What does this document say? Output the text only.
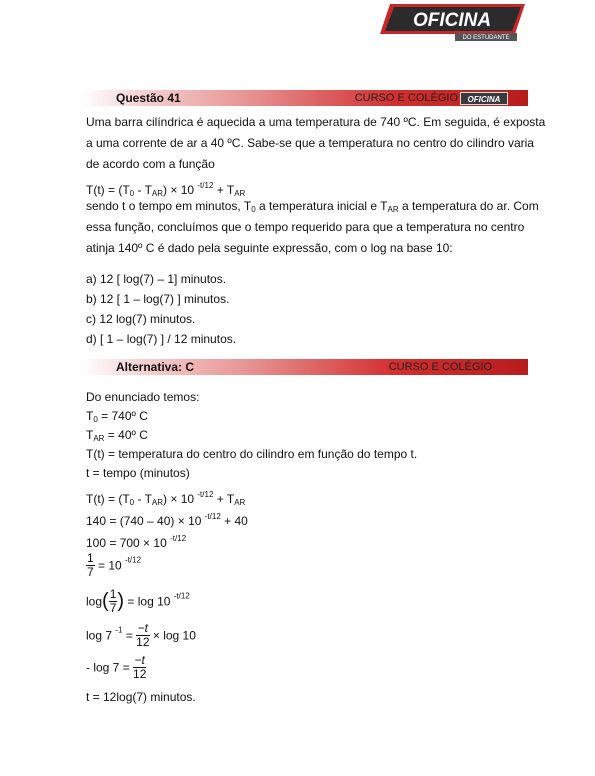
OFICINA
DO ESTUDANTE
Questão 41	CURSO E COLÉGIO OFICINA
Uma barra cilíndrica é aquecida a uma temperatura de 740 ºC. Em seguida, é exposta
a uma corrente de ar a 40 ºC. Sabe-se que a temperatura no centro do cilindro varia
de acordo com a função
$T(t) = (T_0 - T_{AR}) \times 10$ $^{-t/12} + T_{AR}$
sendo t o tempo em minutos, $T_0$ a temperatura inicial e $T_{AR}$ a temperatura do ar. Com
essa função, concluímos que o tempo requerido para que a temperatura no centro
atinja 140º C é dado pela seguinte expressão, com o log na base 10:
a) 12 [ log(7) – 1] minutos.
b) 12 [ 1 – log(7) ] minutos.
c) 12 log(7) minutos.
d) [ 1 – log(7) ] / 12 minutos.
Alternativa: C	CURSO E COLÉGIO
Do enunciado temos:
$T_0$ = 740º C
$T_{AR}$ = 40º C
T(t) = temperatura do centro do cilindro em função do tempo t.
t = tempo (minutos)
$T(t) = (T_0 - T_{AR}) \times 10$ $^{-t/12} + T_{AR}$
140 = (740 – 40) × 10 $^{-t/12}$ + 40
100 = 700 × 10 $^{-t/12}$
$\frac{1}{7} = 10$ $^{-t/12}$
$\log( \frac{1}{7}$ ) = log 10 $^{-t/12}$
log 7 $^{-1} = \frac{-t}{12} \times \log 10$
- $\log 7 = \frac{-t}{12}$
t = 12log(7) minutos.
